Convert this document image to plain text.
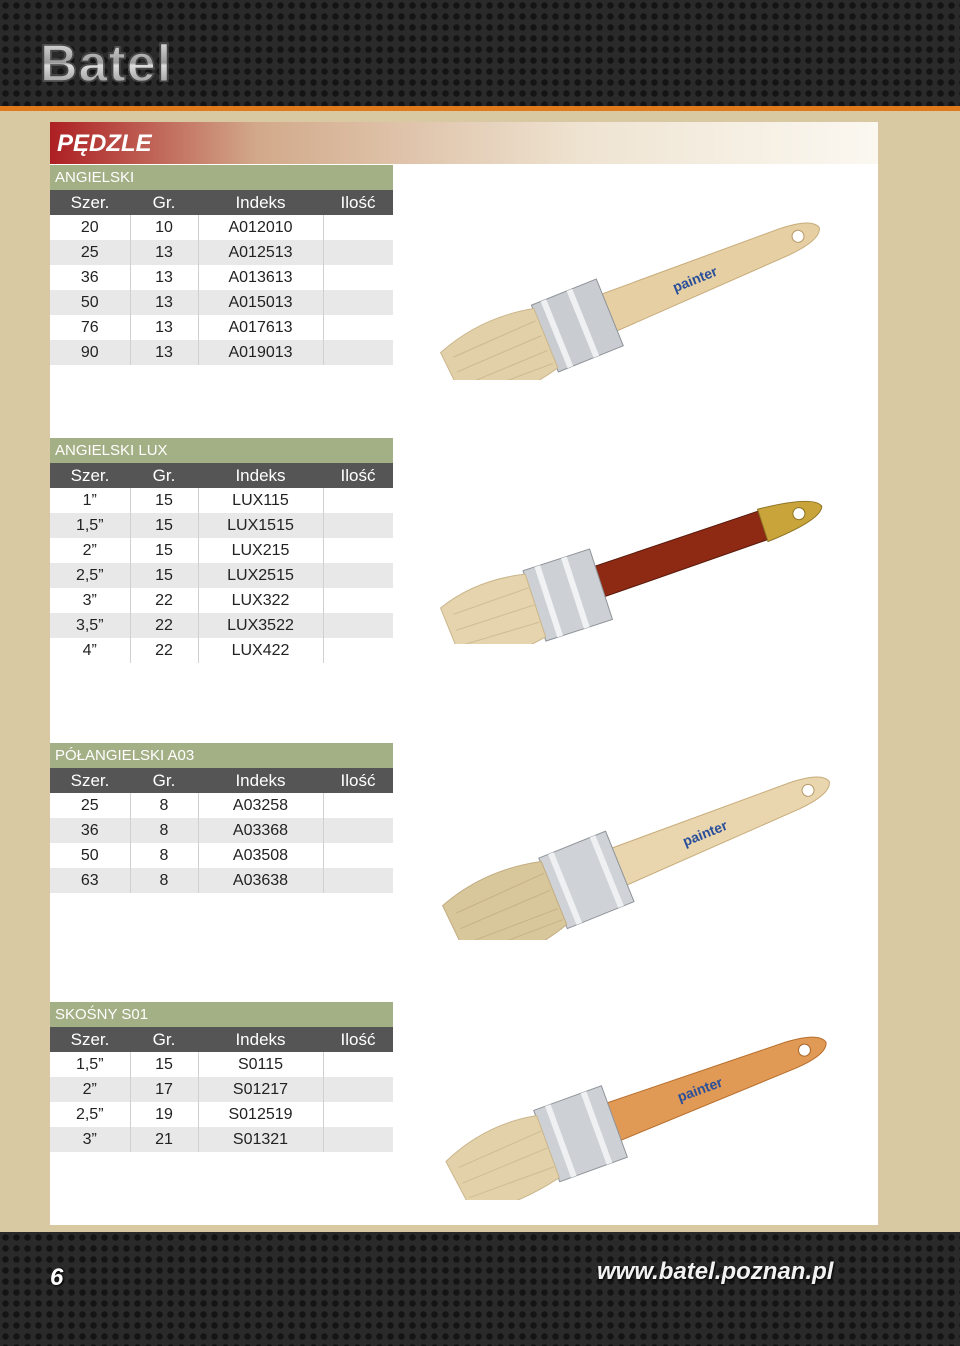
Batel
PĘDZLE
ANGIELSKI
Szer.	Gr.	Indeks	Ilość
20	10	A012010	
25	13	A012513	
36	13	A013613	
50	13	A015013	
76	13	A017613	
90	13	A019013	
ANGIELSKI LUX
Szer.	Gr.	Indeks	Ilość
1”	15	LUX115	
1,5”	15	LUX1515	
2”	15	LUX215	
2,5”	15	LUX2515	
3”	22	LUX322	
3,5”	22	LUX3522	
4”	22	LUX422	
PÓŁANGIELSKI A03
Szer.	Gr.	Indeks	Ilość
25	8	A03258	
36	8	A03368	
50	8	A03508	
63	8	A03638	
SKOŚNY S01
Szer.	Gr.	Indeks	Ilość
1,5”	15	S0115	
2”	17	S01217	
2,5”	19	S012519	
3”	21	S01321	
painter
painter
painter
6	www.batel.poznan.pl
